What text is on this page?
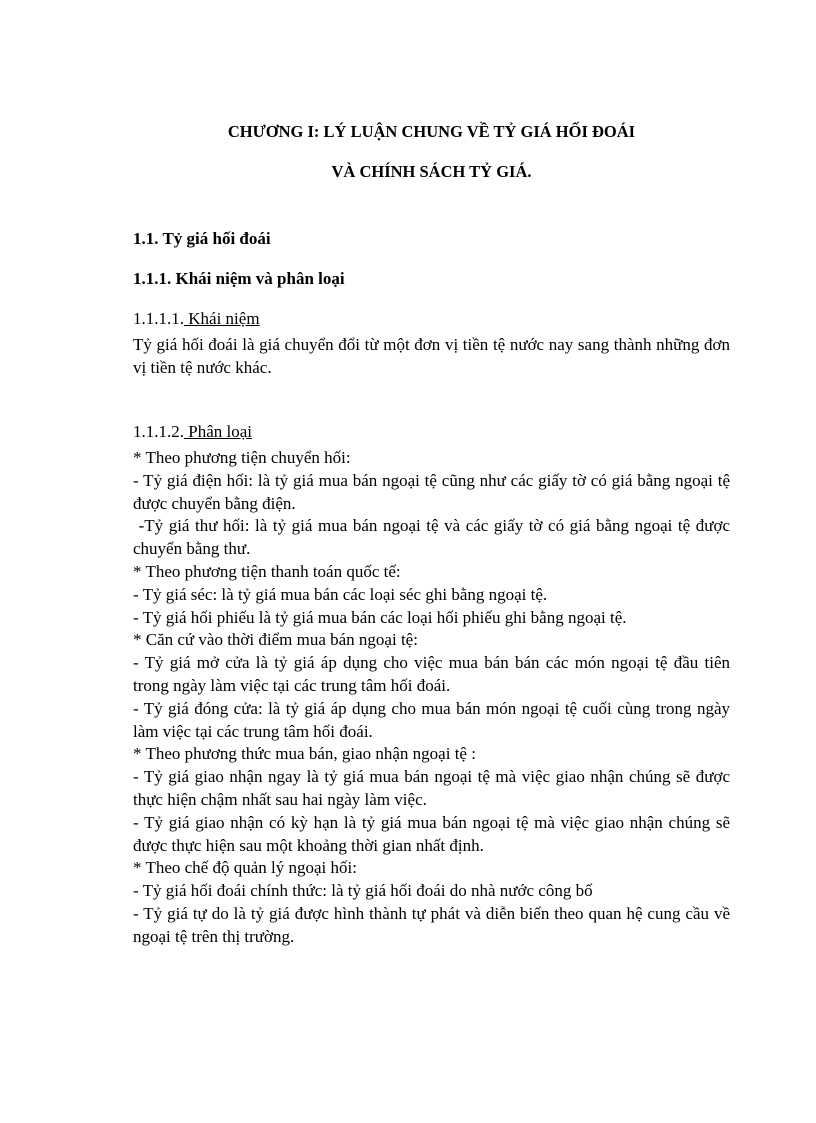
CHƯƠNG I: LÝ LUẬN CHUNG VỀ TỶ GIÁ HỐI ĐOÁI
VÀ CHÍNH SÁCH TỶ GIÁ.
1.1. Tỷ giá hối đoái
1.1.1. Khái niệm và phân loại
1.1.1.1. Khái niệm

Tỷ giá hối đoái là giá chuyển đổi từ một đơn vị tiền tệ nước nay sang thành những đơn vị tiền tệ nước khác.

1.1.1.2. Phân loại

* Theo phương tiện chuyển hối:

- Tỷ giá điện hối: là tỷ giá mua bán ngoại tệ cũng như các giấy tờ có giá bằng ngoại tệ được chuyển bằng điện.

-Tỷ giá thư hối: là tỷ giá mua bán ngoại tệ và các giấy tờ có giá bằng ngoại tệ được chuyển bằng thư.

* Theo phương tiện thanh toán quốc tế:

- Tỷ giá séc: là tỷ giá mua bán các loại séc ghi bằng ngoại tệ.

- Tỷ giá hối phiếu là tỷ giá mua bán các loại hối phiếu ghi bằng ngoại tệ.

* Căn cứ vào thời điểm mua bán ngoại tệ:

- Tỷ giá mở cửa là tỷ giá áp dụng cho việc mua bán bán các món ngoại tệ đầu tiên trong ngày làm việc tại các trung tâm hối đoái.

- Tỷ giá đóng cửa: là tỷ giá áp dụng cho mua bán món ngoại tệ cuối cùng trong ngày làm việc tại các trung tâm hối đoái.

* Theo phương thức mua bán, giao nhận ngoại tệ :

- Tỷ giá giao nhận ngay là tỷ giá mua bán ngoại tệ mà việc giao nhận chúng sẽ được thực hiện chậm nhất sau hai ngày làm việc.

- Tỷ giá giao nhận có kỳ hạn là tỷ giá mua bán ngoại tệ mà việc giao nhận chúng sẽ được thực hiện sau một khoảng thời gian nhất định.

* Theo chế độ quản lý ngoại hối:

- Tỷ giá hối đoái chính thức: là tỷ giá hối đoái do nhà nước công bố

- Tỷ giá tự do là tỷ giá được hình thành tự phát và diễn biến theo quan hệ cung cầu về ngoại tệ trên thị trường.
